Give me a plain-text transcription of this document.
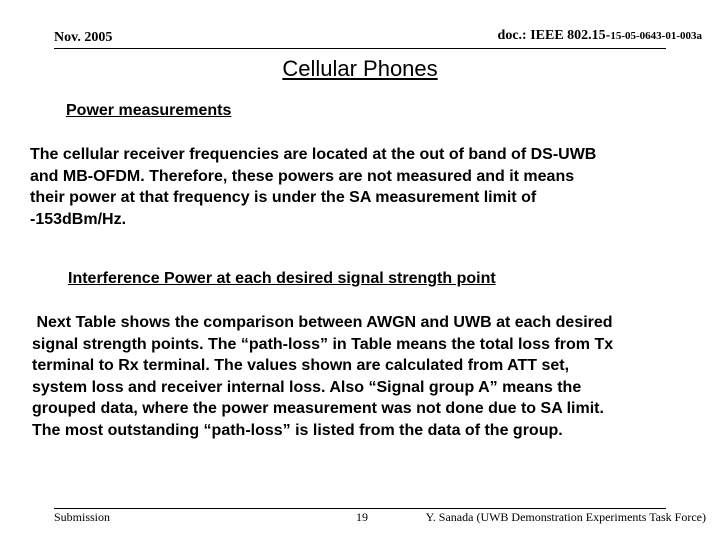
Nov. 2005	doc.: IEEE 802.15-15-05-0643-01-003a
Cellular Phones
Power measurements

The cellular receiver frequencies are located at the out of band of DS-UWB
and MB-OFDM. Therefore, these powers are not measured and it means
their power at that frequency is under the SA measurement limit of
-153dBm/Hz.

Interference Power at each desired signal strength point

Next Table shows the comparison between AWGN and UWB at each desired
signal strength points. The “path-loss” in Table means the total loss from Tx
terminal to Rx terminal. The values shown are calculated from ATT set,
system loss and receiver internal loss. Also “Signal group A” means the
grouped data, where the power measurement was not done due to SA limit.
The most outstanding “path-loss” is listed from the data of the group.

Submission	19	Y. Sanada (UWB Demonstration Experiments Task Force)
